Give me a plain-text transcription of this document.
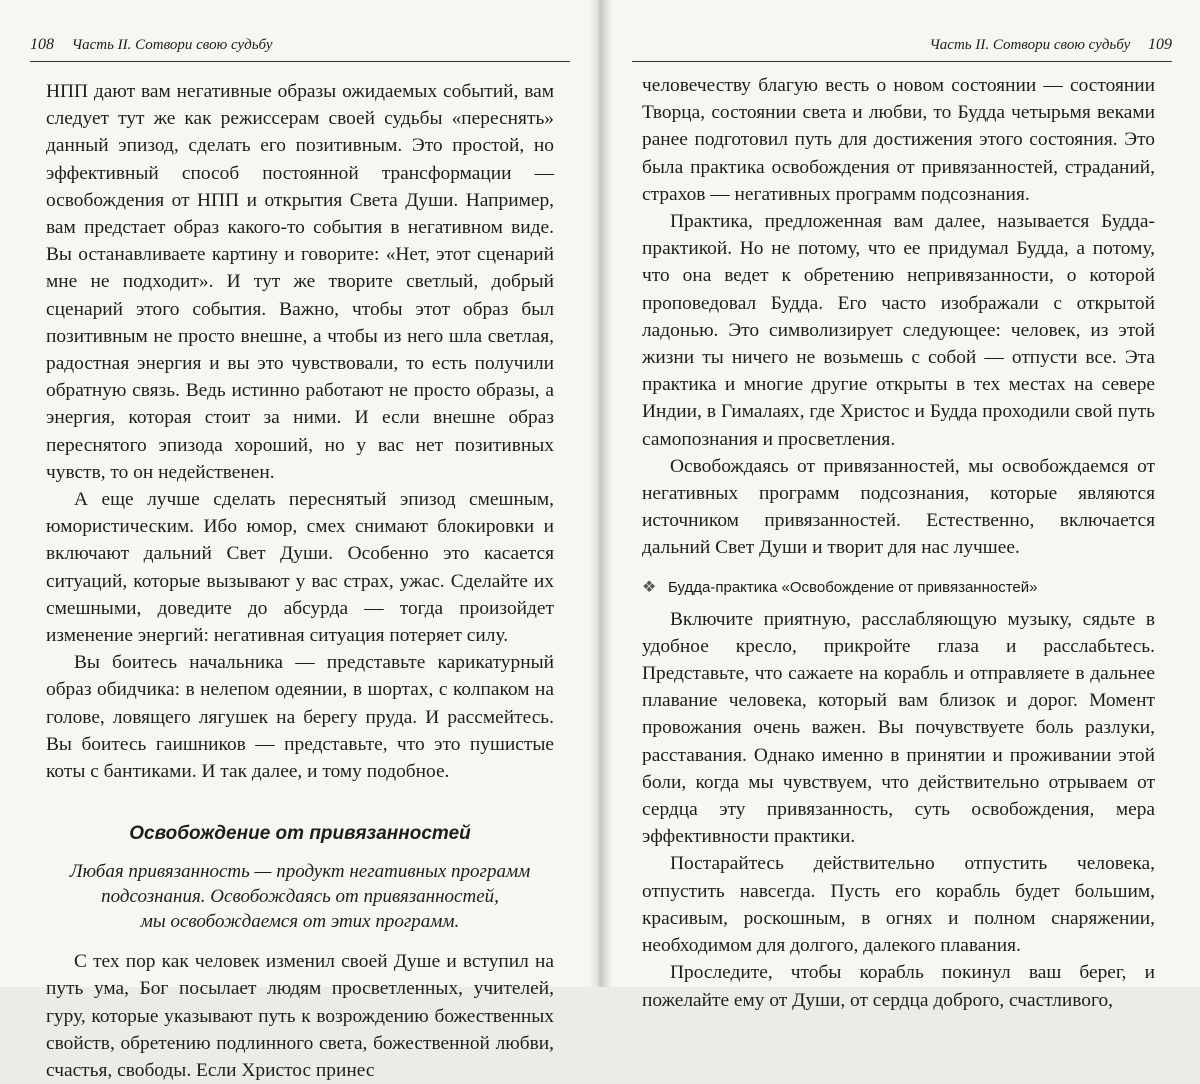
108 Часть II. Сотвори свою судьбу

НПП дают вам негативные образы ожидаемых событий, вам следует тут же как режиссерам своей судьбы «переснять» данный эпизод, сделать его позитивным. Это простой, но эффективный способ постоянной трансформации — освобождения от НПП и открытия Света Души. Например, вам предстает образ какого-то события в негативном виде. Вы останавливаете картину и говорите: «Нет, этот сценарий мне не подходит». И тут же творите светлый, добрый сценарий этого события. Важно, чтобы этот образ был позитивным не просто внешне, а чтобы из него шла светлая, радостная энергия и вы это чувствовали, то есть получили обратную связь. Ведь истинно работают не просто образы, а энергия, которая стоит за ними. И если внешне образ переснятого эпизода хороший, но у вас нет позитивных чувств, то он недейственен.

А еще лучше сделать переснятый эпизод смешным, юмористическим. Ибо юмор, смех снимают блокировки и включают дальний Свет Души. Особенно это касается ситуаций, которые вызывают у вас страх, ужас. Сделайте их смешными, доведите до абсурда — тогда произойдет изменение энергий: негативная ситуация потеряет силу.

Вы боитесь начальника — представьте карикатурный образ обидчика: в нелепом одеянии, в шортах, с колпаком на голове, ловящего лягушек на берегу пруда. И рассмейтесь. Вы боитесь гаишников — представьте, что это пушистые коты с бантиками. И так далее, и тому подобное.

Освобождение от привязанностей
Любая привязанность — продукт негативных программ
подсознания. Освобождаясь от привязанностей,
мы освобождаемся от этих программ.

С тех пор как человек изменил своей Душе и вступил на путь ума, Бог посылает людям просветленных, учителей, гуру, которые указывают путь к возрождению божественных свойств, обретению подлинного света, божественной любви, счастья, свободы. Если Христос принес

Часть II. Сотвори свою судьбу 109

человечеству благую весть о новом состоянии — состоянии Творца, состоянии света и любви, то Будда четырьмя веками ранее подготовил путь для достижения этого состояния. Это была практика освобождения от привязанностей, страданий, страхов — негативных программ подсознания.

Практика, предложенная вам далее, называется Будда-практикой. Но не потому, что ее придумал Будда, а потому, что она ведет к обретению непривязанности, о которой проповедовал Будда. Его часто изображали с открытой ладонью. Это символизирует следующее: человек, из этой жизни ты ничего не возьмешь с собой — отпусти все. Эта практика и многие другие открыты в тех местах на севере Индии, в Гималаях, где Христос и Будда проходили свой путь самопознания и просветления.

Освобождаясь от привязанностей, мы освобождаемся от негативных программ подсознания, которые являются источником привязанностей. Естественно, включается дальний Свет Души и творит для нас лучшее.

❖ Будда-практика «Освобождение от привязанностей»

Включите приятную, расслабляющую музыку, сядьте в удобное кресло, прикройте глаза и расслабьтесь. Представьте, что сажаете на корабль и отправляете в дальнее плавание человека, который вам близок и дорог. Момент провожания очень важен. Вы почувствуете боль разлуки, расставания. Однако именно в принятии и проживании этой боли, когда мы чувствуем, что действительно отрываем от сердца эту привязанность, суть освобождения, мера эффективности практики.

Постарайтесь действительно отпустить человека, отпустить навсегда. Пусть его корабль будет большим, красивым, роскошным, в огнях и полном снаряжении, необходимом для долгого, далекого плавания.

Проследите, чтобы корабль покинул ваш берег, и пожелайте ему от Души, от сердца доброго, счастливого,
